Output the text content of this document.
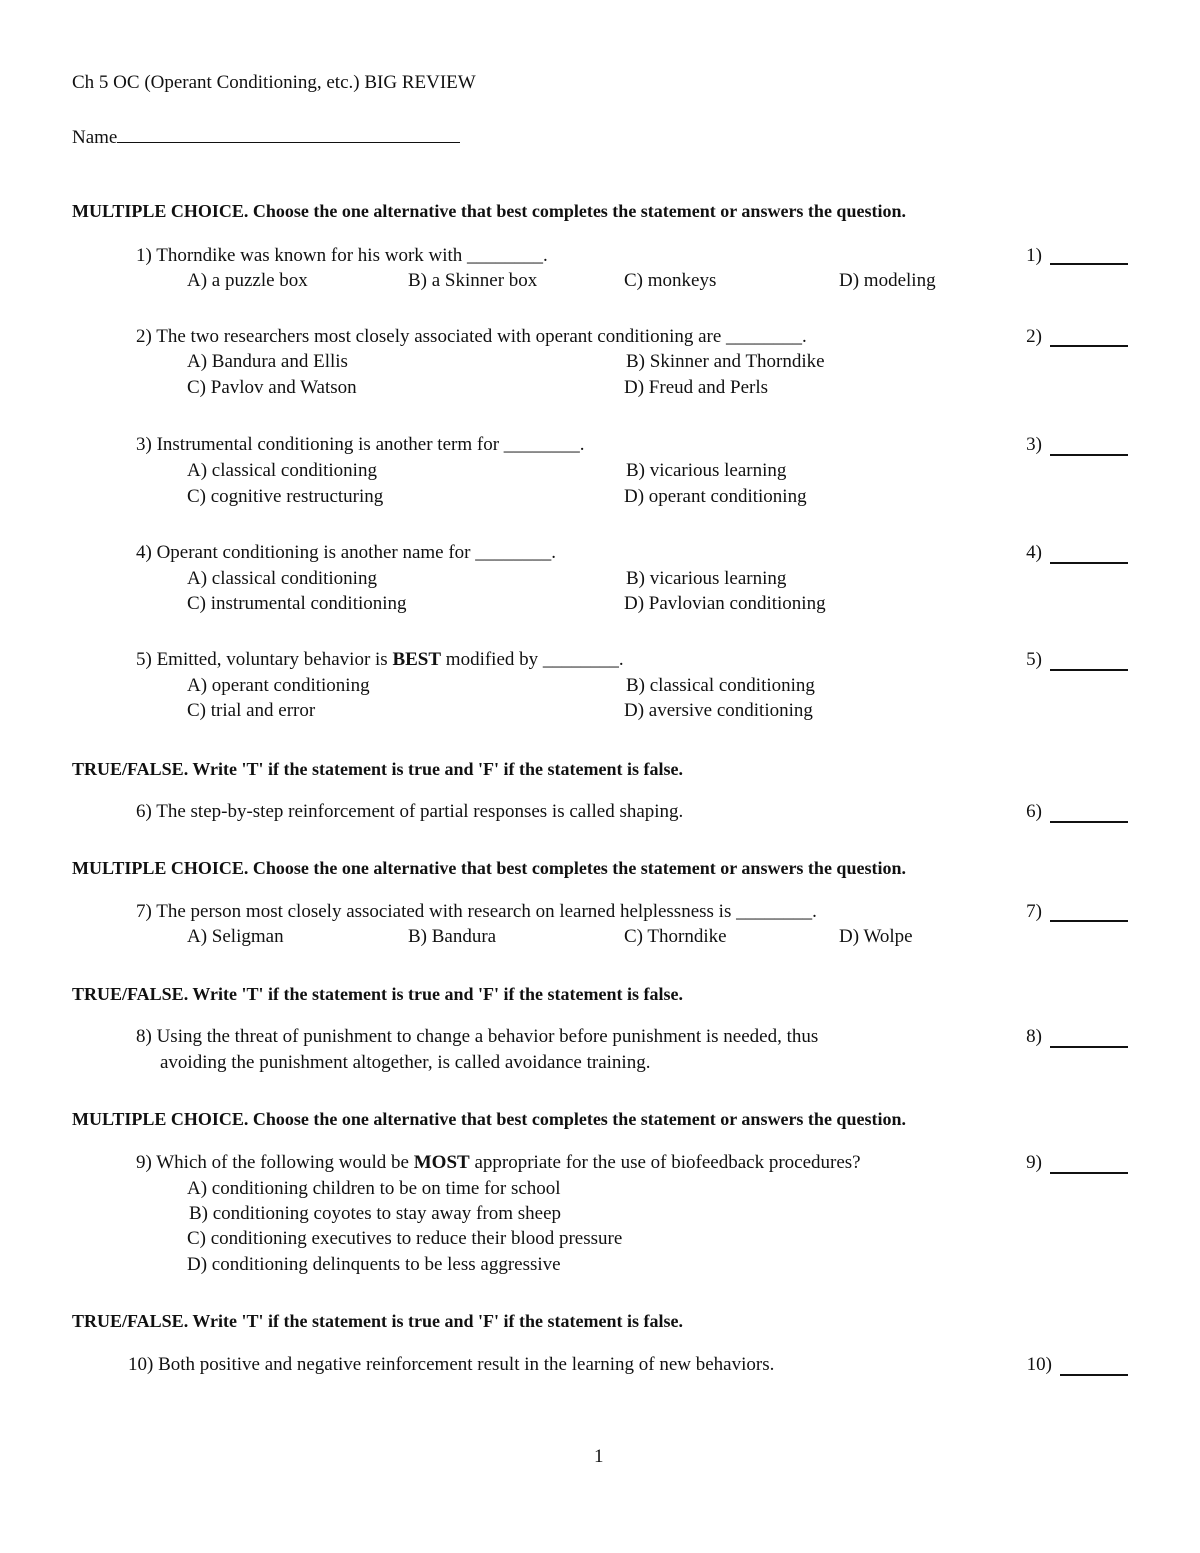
Ch 5 OC (Operant Conditioning, etc.) BIG REVIEW
Name
MULTIPLE CHOICE. Choose the one alternative that best completes the statement or answers the question.
1) Thorndike was known for his work with ________.	1)
A) a puzzle box	B) a Skinner box	C) monkeys	D) modeling
2) The two researchers most closely associated with operant conditioning are ________.	2)
A) Bandura and Ellis	B) Skinner and Thorndike
C) Pavlov and Watson	D) Freud and Perls
3) Instrumental conditioning is another term for ________.	3)
A) classical conditioning	B) vicarious learning
C) cognitive restructuring	D) operant conditioning
4) Operant conditioning is another name for ________.	4)
A) classical conditioning	B) vicarious learning
C) instrumental conditioning	D) Pavlovian conditioning
5) Emitted, voluntary behavior is BEST modified by ________.	5)
A) operant conditioning	B) classical conditioning
C) trial and error	D) aversive conditioning
TRUE/FALSE. Write 'T' if the statement is true and 'F' if the statement is false.
6) The step-by-step reinforcement of partial responses is called shaping.	6)
MULTIPLE CHOICE. Choose the one alternative that best completes the statement or answers the question.
7) The person most closely associated with research on learned helplessness is ________.	7)
A) Seligman	B) Bandura	C) Thorndike	D) Wolpe
TRUE/FALSE. Write 'T' if the statement is true and 'F' if the statement is false.
8) Using the threat of punishment to change a behavior before punishment is needed, thus
avoiding the punishment altogether, is called avoidance training.
8)
MULTIPLE CHOICE. Choose the one alternative that best completes the statement or answers the question.
9) Which of the following would be MOST appropriate for the use of biofeedback procedures?	9)
A) conditioning children to be on time for school
B) conditioning coyotes to stay away from sheep
C) conditioning executives to reduce their blood pressure
D) conditioning delinquents to be less aggressive
TRUE/FALSE. Write 'T' if the statement is true and 'F' if the statement is false.
10) Both positive and negative reinforcement result in the learning of new behaviors.	10)
1
